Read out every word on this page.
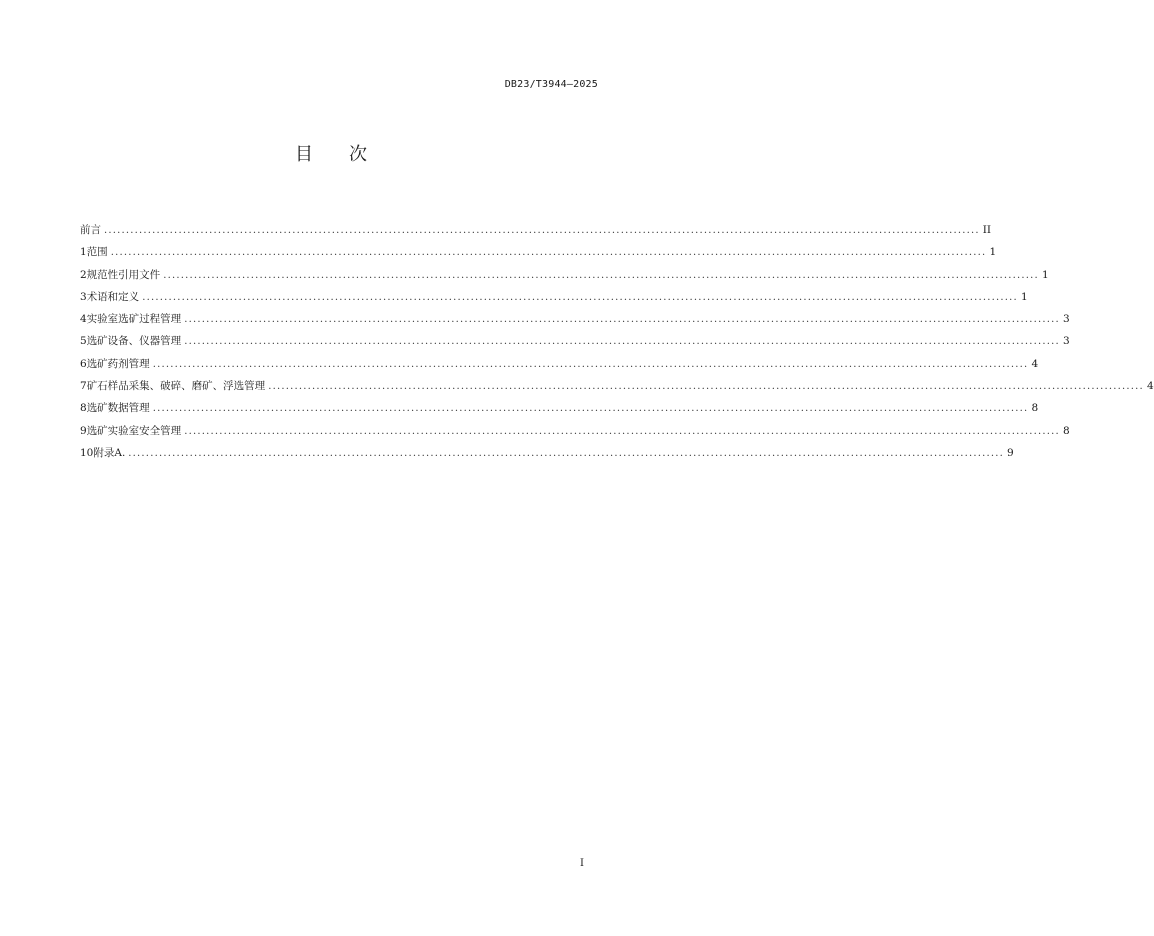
DB23/T3944—2025
目 次
前言 ........................................................................................................................................................................................................ II
1 范围 ........................................................................................................................................................................................................ 1
2 规范性引用文件 ........................................................................................................................................................................................................ 1
3 术语和定义 ........................................................................................................................................................................................................ 1
4 实验室选矿过程管理 ........................................................................................................................................................................................................ 3
5 选矿设备、仪器管理 ........................................................................................................................................................................................................ 3
6 选矿药剂管理 ........................................................................................................................................................................................................ 4
7 矿石样品采集、破碎、磨矿、浮选管理 ........................................................................................................................................................................................................ 4
8 选矿数据管理 ........................................................................................................................................................................................................ 8
9 选矿实验室安全管理 ........................................................................................................................................................................................................ 8
10 附录A. ........................................................................................................................................................................................................ 9
I
